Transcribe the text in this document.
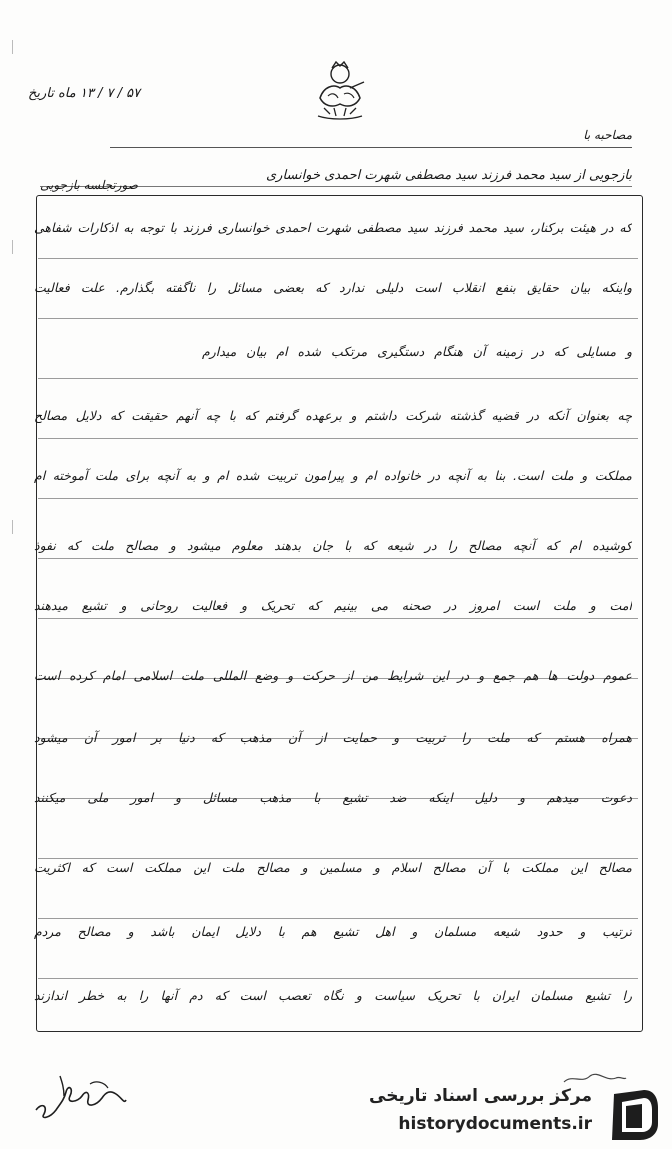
۵۷ / ۷ / ۱۳ ماه تاریخ
مصاحبه با
بازجویی از سید محمد فرزند سید مصطفی شهرت احمدی خوانساری
صورتجلسه بازجویی
که در هیئت برکنار، سید محمد فرزند سید مصطفی شهرت احمدی خوانساری فرزند با توجه به اذکارات شفاهی
واینکه بیان حقایق بنفع انقلاب است دلیلی ندارد که بعضی مسائل را ناگفته بگذارم. علت فعالیت
و مسایلی که در زمینه آن هنگام دستگیری مرتکب شده ام بیان میدارم
چه بعنوان آنکه در قضیه گذشته شرکت داشتم و برعهده گرفتم که با چه آنهم حقیقت که دلایل مصالح
مملکت و ملت است. بنا به آنچه در خانواده ام و پیرامون تربیت شده ام و به آنچه برای ملت آموخته ام
کوشیده ام که آنچه مصالح را در شیعه که با جان بدهند معلوم میشود و مصالح ملت که نفوذ
امت و ملت است امروز در صحنه می بینیم که تحریک و فعالیت روحانی و تشیع میدهند
عموم دولت ها هم جمع و در این شرایط من از حرکت و وضع المللی ملت اسلامی امام کرده است
همراه هستم که ملت را تربیت و حمایت از آن مذهب که دنیا بر امور آن میشود
دعوت میدهم و دلیل اینکه ضد تشیع با مذهب مسائل و امور ملی میکنند
مصالح این مملکت با آن مصالح اسلام و مسلمین و مصالح ملت این مملکت است که اکثریت
ترتیب و حدود شیعه مسلمان و اهل تشیع هم با دلایل ایمان باشد و مصالح مردم
را تشیع مسلمان ایران با تحریک سیاست و نگاه تعصب است که دم آنها را به خطر اندازند
مرکز بررسی اسناد تاریخی
historydocuments.ir
